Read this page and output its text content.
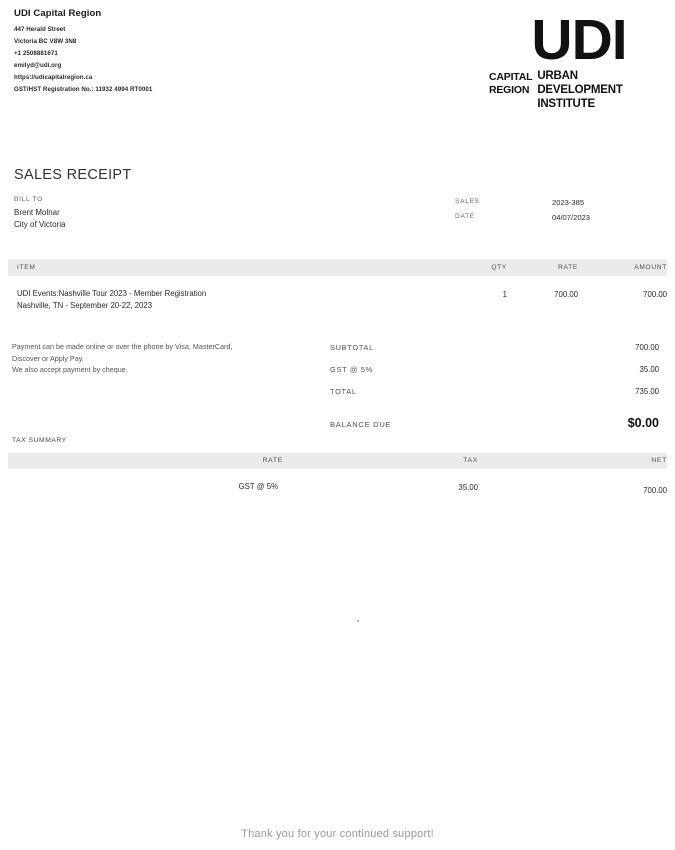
UDI Capital Region
447 Herald Street
Victoria BC V8W 3N8
+1 2508881671
emilyd@udi.org
https://udicapitalregion.ca
GST/HST Registration No.: 11932 4994 RT0001
UDI
CAPITAL
REGION
URBAN
DEVELOPMENT
INSTITUTE
SALES RECEIPT
BILL TO
Brent Molnar
City of Victoria
SALES	2023-385
DATE	04/07/2023
ITEM	QTY	RATE	AMOUNT
UDI Events:Nashville Tour 2023 - Member Registration
Nashville, TN - September 20-22, 2023
1	700.00	700.00
Payment can be made online or over the phone by Visa, MasterCard,
Discover or Apply Pay.
We also accept payment by cheque.
SUBTOTAL	700.00
GST @ 5%	35.00
TOTAL	735.00
BALANCE DUE	$0.00
TAX SUMMARY
RATE	TAX	NET
GST @ 5%	35.00	700.00
Thank you for your continued support!
